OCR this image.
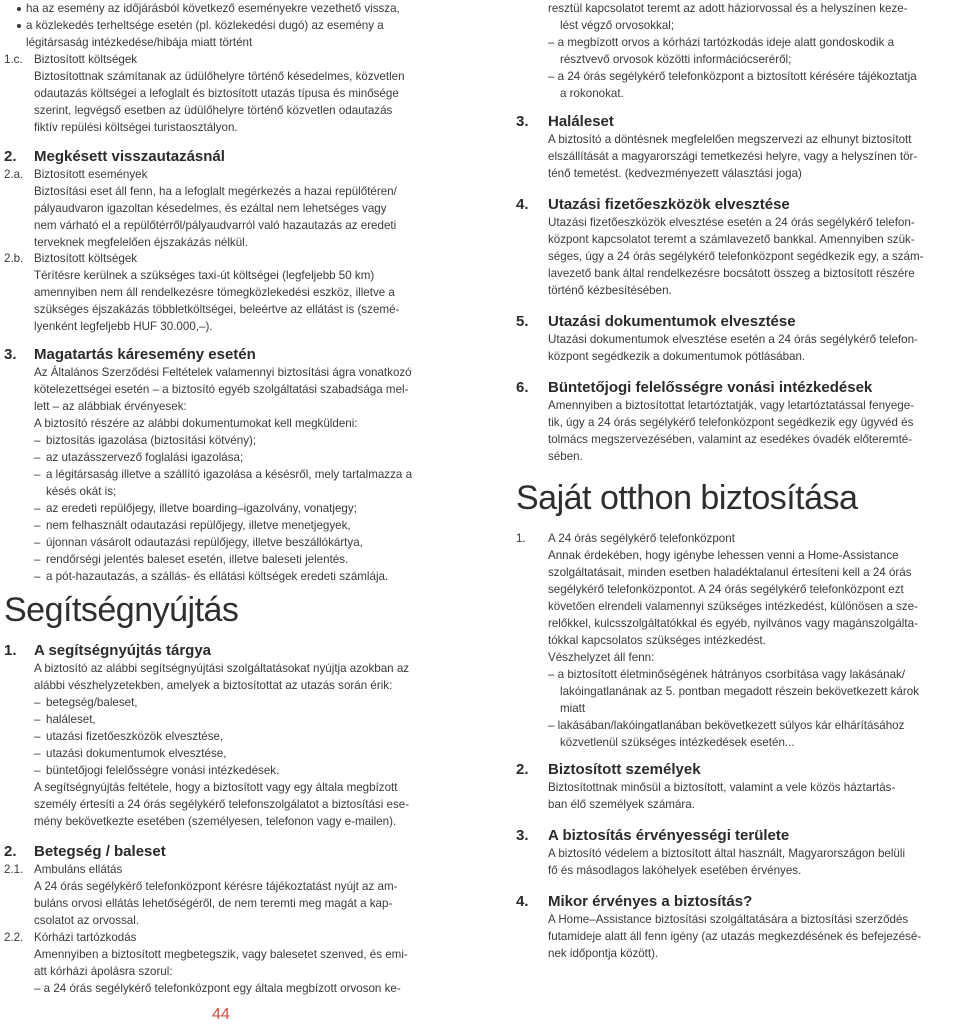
ha az esemény az időjárásból következő eseményekre vezethető vissza,
a közlekedés terheltsége esetén (pl. közlekedési dugó) az esemény a
légitársaság intézkedése/hibája miatt történt
1.c. Biztosított költségek
Biztosítottnak számítanak az üdülőhelyre történő késedelmes, közvetlen
odautazás költségei a lefoglalt és biztosított utazás típusa és minősége
szerint, legvégső esetben az üdülőhelyre történő közvetlen odautazás
fiktív repülési költségei turistaosztályon.
2. Megkésett visszautazásnál
2.a. Biztosított események
Biztosítási eset áll fenn, ha a lefoglalt megérkezés a hazai repülőtéren/
pályaudvaron igazoltan késedelmes, és ezáltal nem lehetséges vagy
nem várható el a repülőtérről/pályaudvarról való hazautazás az eredeti
terveknek megfelelően éjszakázás nélkül.
2.b. Biztosított költségek
Térítésre kerülnek a szükséges taxi-út költségei (legfeljebb 50 km)
amennyiben nem áll rendelkezésre tömegközlekedési eszköz, illetve a
szükséges éjszakázás többletköltségei, beleértve az ellátást is (szemé-
lyenként legfeljebb HUF 30.000,–).
3. Magatartás káresemény esetén
Az Általános Szerződési Feltételek valamennyi biztosítási ágra vonatkozó
kötelezettségei esetén – a biztosító egyéb szolgáltatási szabadsága mel-
lett – az alábbiak érvényesek:
A biztosító részére az alábbi dokumentumokat kell megküldeni:
– biztosítás igazolása (biztosítási kötvény);
– az utazásszervező foglalási igazolása;
– a légitársaság illetve a szállító igazolása a késésről, mely tartalmazza a
késés okát is;
– az eredeti repülőjegy, illetve boarding–igazolvány, vonatjegy;
– nem felhasznált odautazási repülőjegy, illetve menetjegyek,
– újonnan vásárolt odautazási repülőjegy, illetve beszállókártya,
– rendőrségi jelentés baleset esetén, illetve baleseti jelentés.
– a pót-hazautazás, a szállás- és ellátási költségek eredeti számlája.
Segítségnyújtás
1. A segítségnyújtás tárgya
A biztosító az alábbi segítségnyújtási szolgáltatásokat nyújtja azokban az
alábbi vészhelyzetekben, amelyek a biztosítottat az utazás során érik:
– betegség/baleset,
– haláleset,
– utazási fizetőeszközök elvesztése,
– utazási dokumentumok elvesztése,
– büntetőjogi felelősségre vonási intézkedések.
A segítségnyújtás feltétele, hogy a biztosított vagy egy általa megbízott
személy értesíti a 24 órás segélykérő telefonszolgálatot a biztosítási ese-
mény bekövetkezte esetében (személyesen, telefonon vagy e-mailen).
2. Betegség / baleset
2.1. Ambuláns ellátás
A 24 órás segélykérő telefonközpont kérésre tájékoztatást nyújt az am-
buláns orvosi ellátás lehetőségéről, de nem teremti meg magát a kap-
csolatot az orvossal.
2.2. Kórházi tartózkodás
Amennyiben a biztosított megbetegszik, vagy balesetet szenved, és emi-
att kórházi ápolásra szorul:
– a 24 órás segélykérő telefonközpont egy általa megbízott orvoson ke-
44
resztül kapcsolatot teremt az adott háziorvossal és a helyszínen keze-
lést végző orvosokkal;
– a megbízott orvos a kórházi tartózkodás ideje alatt gondoskodik a
résztvevő orvosok közötti információcseréről;
– a 24 órás segélykérő telefonközpont a biztosított kérésére tájékoztatja
a rokonokat.
3. Haláleset
A biztosító a döntésnek megfelelően megszervezi az elhunyt biztosított
elszállítását a magyarországi temetkezési helyre, vagy a helyszínen tör-
ténő temetést. (kedvezményezett választási joga)
4. Utazási fizetőeszközök elvesztése
Utazási fizetőeszközök elvesztése esetén a 24 órás segélykérő telefon-
központ kapcsolatot teremt a számlavezető bankkal. Amennyiben szük-
séges, úgy a 24 órás segélykérő telefonközpont segédkezik egy, a szám-
lavezető bank által rendelkezésre bocsátott összeg a biztosított részére
történő kézbesítésében.
5. Utazási dokumentumok elvesztése
Utazási dokumentumok elvesztése esetén a 24 órás segélykérő telefon-
központ segédkezik a dokumentumok pótlásában.
6. Büntetőjogi felelősségre vonási intézkedések
Amennyiben a biztosítottat letartóztatják, vagy letartóztatással fenyege-
tik, úgy a 24 órás segélykérő telefonközpont segédkezik egy ügyvéd és
tolmács megszervezésében, valamint az esedékes óvadék előteremté-
sében.
Saját otthon biztosítása
1. A 24 órás segélykérő telefonközpont
Annak érdekében, hogy igénybe lehessen venni a Home-Assistance
szolgáltatásait, minden esetben haladéktalanul értesíteni kell a 24 órás
segélykérő telefonközpontot. A 24 órás segélykérő telefonközpont ezt
követően elrendeli valamennyi szükséges intézkedést, különösen a sze-
relőkkel, kulcsszolgáltatókkal és egyéb, nyilvános vagy magánszolgálta-
tókkal kapcsolatos szükséges intézkedést.
Vészhelyzet áll fenn:
– a biztosított életminőségének hátrányos csorbítása vagy lakásának/
lakóingatlanának az 5. pontban megadott részein bekövetkezett károk
miatt
– lakásában/lakóingatlanában bekövetkezett súlyos kár elhárításához
közvetlenül szükséges intézkedések esetén...
2. Biztosított személyek
Biztosítottnak minősül a biztosított, valamint a vele közös háztartás-
ban élő személyek számára.
3. A biztosítás érvényességi területe
A biztosító védelem a biztosított által használt, Magyarországon belüli
fő és másodlagos lakóhelyek esetében érvényes.
4. Mikor érvényes a biztosítás?
A Home–Assistance biztosítási szolgáltatására a biztosítási szerződés
futamideje alatt áll fenn igény (az utazás megkezdésének és befejezésé-
nek időpontja között).
